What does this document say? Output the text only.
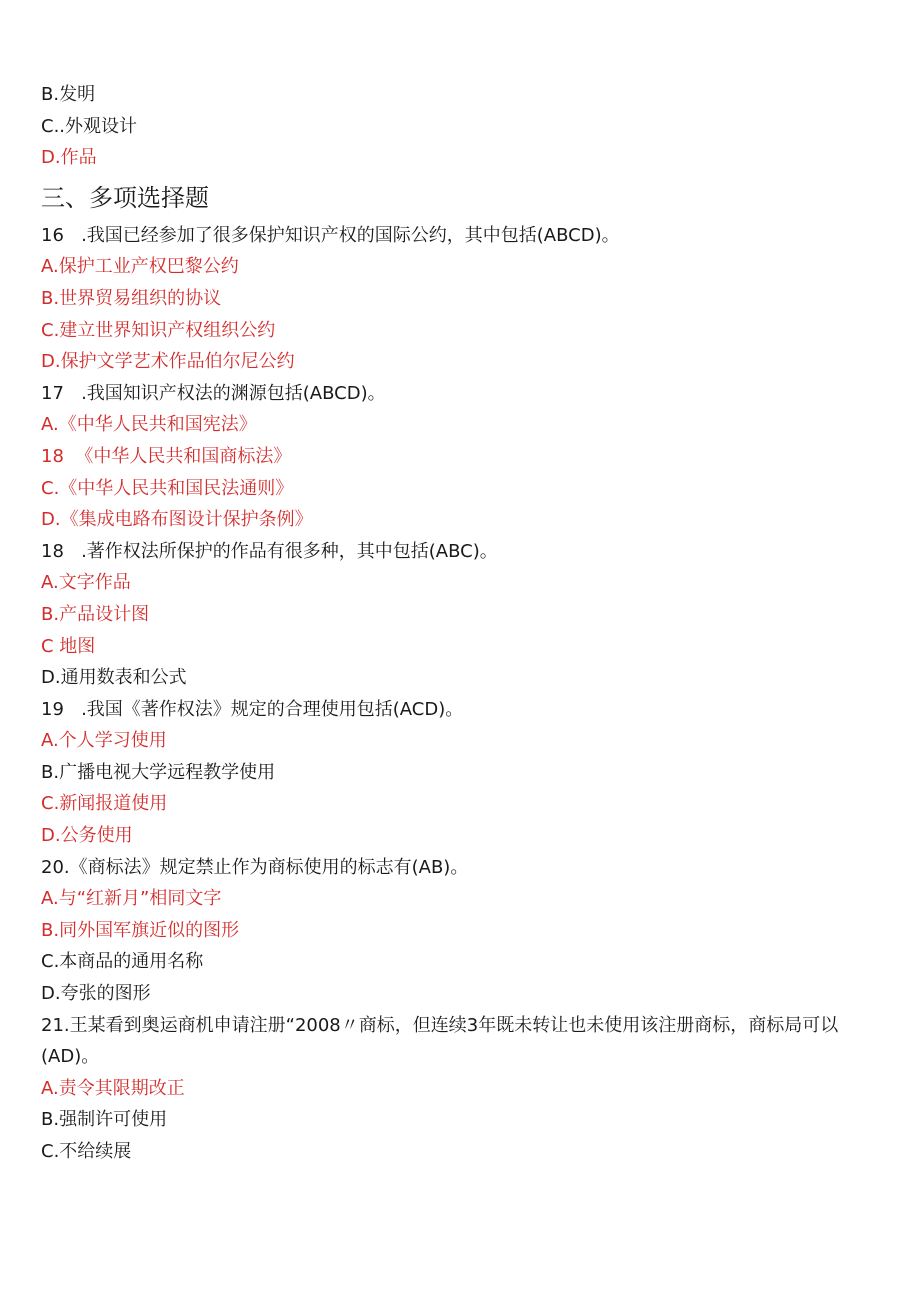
B.发明
C..外观设计
D.作品
三、多项选择题
16   .我国已经参加了很多保护知识产权的国际公约，其中包括(ABCD)。
A.保护工业产权巴黎公约
B.世界贸易组织的协议
C.建立世界知识产权组织公约
D.保护文学艺术作品伯尔尼公约
17   .我国知识产权法的渊源包括(ABCD)。
A.《中华人民共和国宪法》
18  《中华人民共和国商标法》
C.《中华人民共和国民法通则》
D.《集成电路布图设计保护条例》
18   .著作权法所保护的作品有很多种，其中包括(ABC)。
A.文字作品
B.产品设计图
C 地图
D.通用数表和公式
19   .我国《著作权法》规定的合理使用包括(ACD)。
A.个人学习使用
B.广播电视大学远程教学使用
C.新闻报道使用
D.公务使用
20.《商标法》规定禁止作为商标使用的标志有(AB)。
A.与“红新月”相同文字
B.同外国军旗近似的图形
C.本商品的通用名称
D.夸张的图形
21.王某看到奥运商机申请注册“2008〃商标，但连续3年既未转让也未使用该注册商标，商标局可以(AD)。
A.责令其限期改正
B.强制许可使用
C.不给续展
